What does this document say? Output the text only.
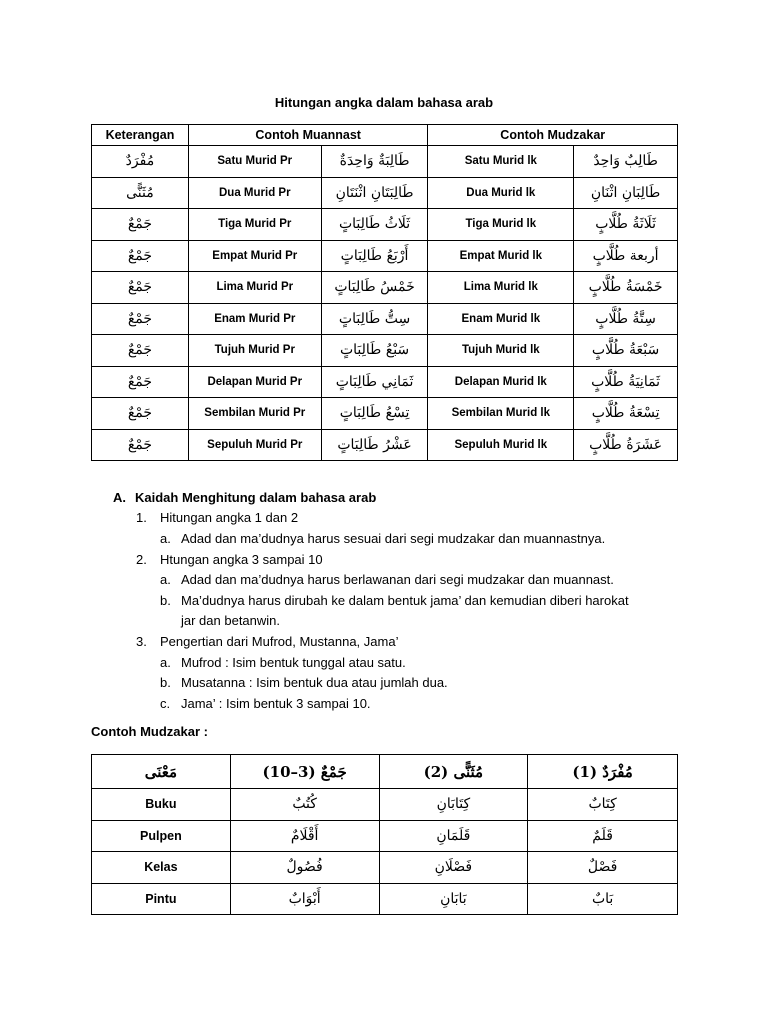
Hitungan angka dalam bahasa arab
Keterangan	Contoh Muannast		Contoh Mudzakar	
مُفْرَدٌ	Satu Murid Pr	طَالِبَةٌ وَاحِدَةٌ	Satu Murid lk	طَالِبٌ وَاحِدٌ
مُثَنًّى	Dua Murid Pr	طَالِبَتَانِ اثْنَتَانِ	Dua Murid lk	طَالِبَانِ اثْنَانِ
جَمْعٌ	Tiga Murid Pr	ثَلَاثُ طَالِبَاتٍ	Tiga Murid lk	ثَلَاثَةُ طُلَّابٍ
جَمْعٌ	Empat Murid Pr	أَرْبَعُ طَالِبَاتٍ	Empat Murid lk	أربعة طُلَّابٍ
جَمْعٌ	Lima Murid Pr	خَمْسُ طَالِبَاتٍ	Lima Murid lk	خَمْسَةُ طُلَّابٍ
جَمْعٌ	Enam Murid Pr	سِتُّ طَالِبَاتٍ	Enam Murid lk	سِتَّةُ طُلَّابٍ
جَمْعٌ	Tujuh Murid Pr	سَبْعُ طَالِبَاتٍ	Tujuh Murid lk	سَبْعَةُ طُلَّابٍ
جَمْعٌ	Delapan Murid Pr	ثَمَانِي طَالِبَاتٍ	Delapan Murid lk	ثَمَانِيَةُ طُلَّابٍ
جَمْعٌ	Sembilan Murid Pr	تِسْعُ طَالِبَاتٍ	Sembilan Murid lk	تِسْعَةُ طُلَّابٍ
جَمْعٌ	Sepuluh Murid Pr	عَشْرُ طَالِبَاتٍ	Sepuluh Murid lk	عَشَرَةُ طُلَّابٍ
A. Kaidah Menghitung dalam bahasa arab
1. Hitungan angka 1 dan 2
a. Adad dan ma’dudnya harus sesuai dari segi mudzakar dan muannastnya.
2. Htungan angka 3 sampai 10
a. Adad dan ma’dudnya harus berlawanan dari segi mudzakar dan muannast.
b. Ma’dudnya harus dirubah ke dalam bentuk jama’ dan kemudian diberi harokat
jar dan betanwin.
3. Pengertian dari Mufrod, Mustanna, Jama’
a. Mufrod : Isim bentuk tunggal atau satu.
b. Musatanna : Isim bentuk dua atau jumlah dua.
c. Jama’ : Isim bentuk 3 sampai 10.
Contoh Mudzakar :
مَعْنَى	جَمْعٌ (3–10)	مُثَنًّى (2)	مُفْرَدٌ (1)
Buku	كُتُبٌ	كِتَابَانِ	كِتَابٌ
Pulpen	أَقْلَامٌ	قَلَمَانِ	قَلَمٌ
Kelas	فُصُولٌ	فَصْلَانِ	فَصْلٌ
Pintu	أَبْوَابٌ	بَابَانِ	بَابٌ
